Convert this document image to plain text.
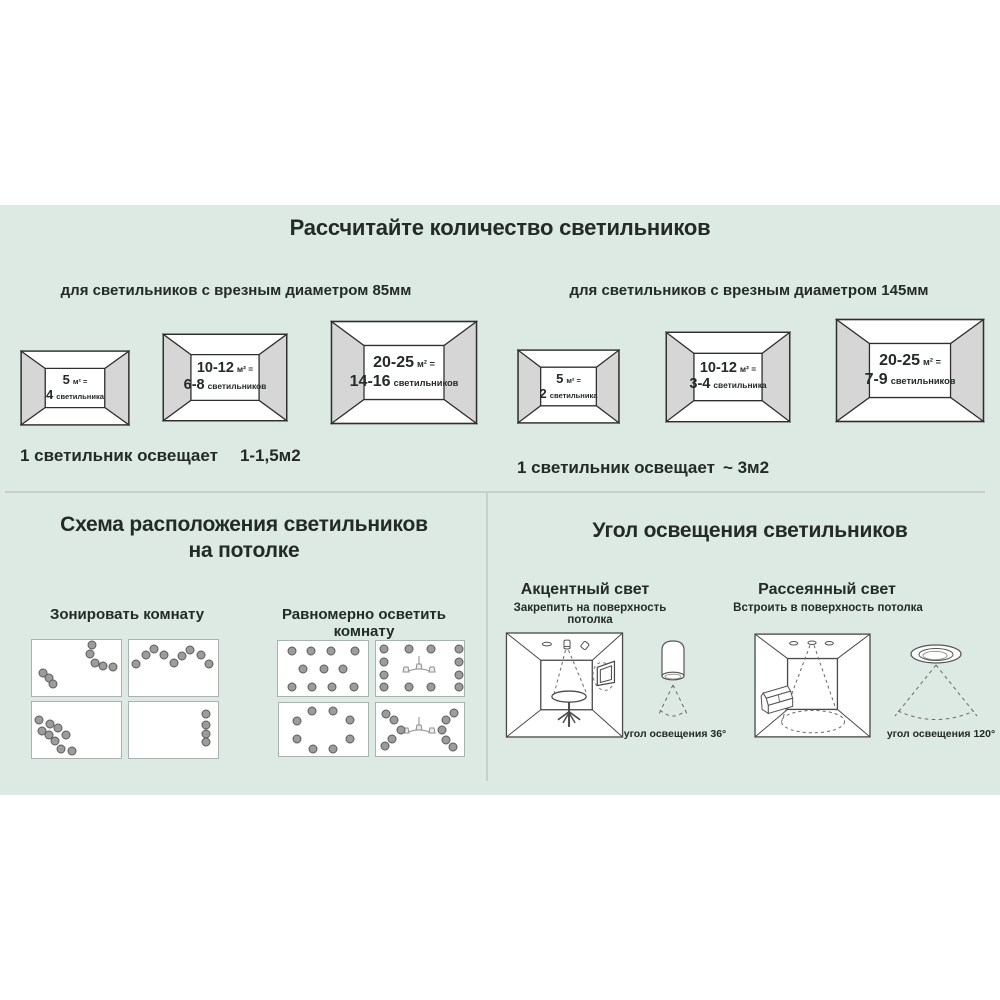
Рассчитайте количество светильников
для светильников с врезным диаметром 85мм	для светильников с врезным диаметром 145мм
5 м² =
4 светильника
10-12 м² =
6-8 светильников
20-25 м² =
14-16 светильников	5 м² =
2 светильника
10-12 м² =
3-4 светильника
20-25 м² =
7-9 светильников
1 светильник освещает 1-1,5м2
1 светильник освещает ~ 3м2
Схема расположения светильников
на потолке
Зонировать комнату	Равномерно осветить комнату
Угол освещения светильников
Акцентный свет
Закрепить на поверхность потолка
Рассеянный свет
Встроить в поверхность потолка
угол освещения 36°	угол освещения 120°
